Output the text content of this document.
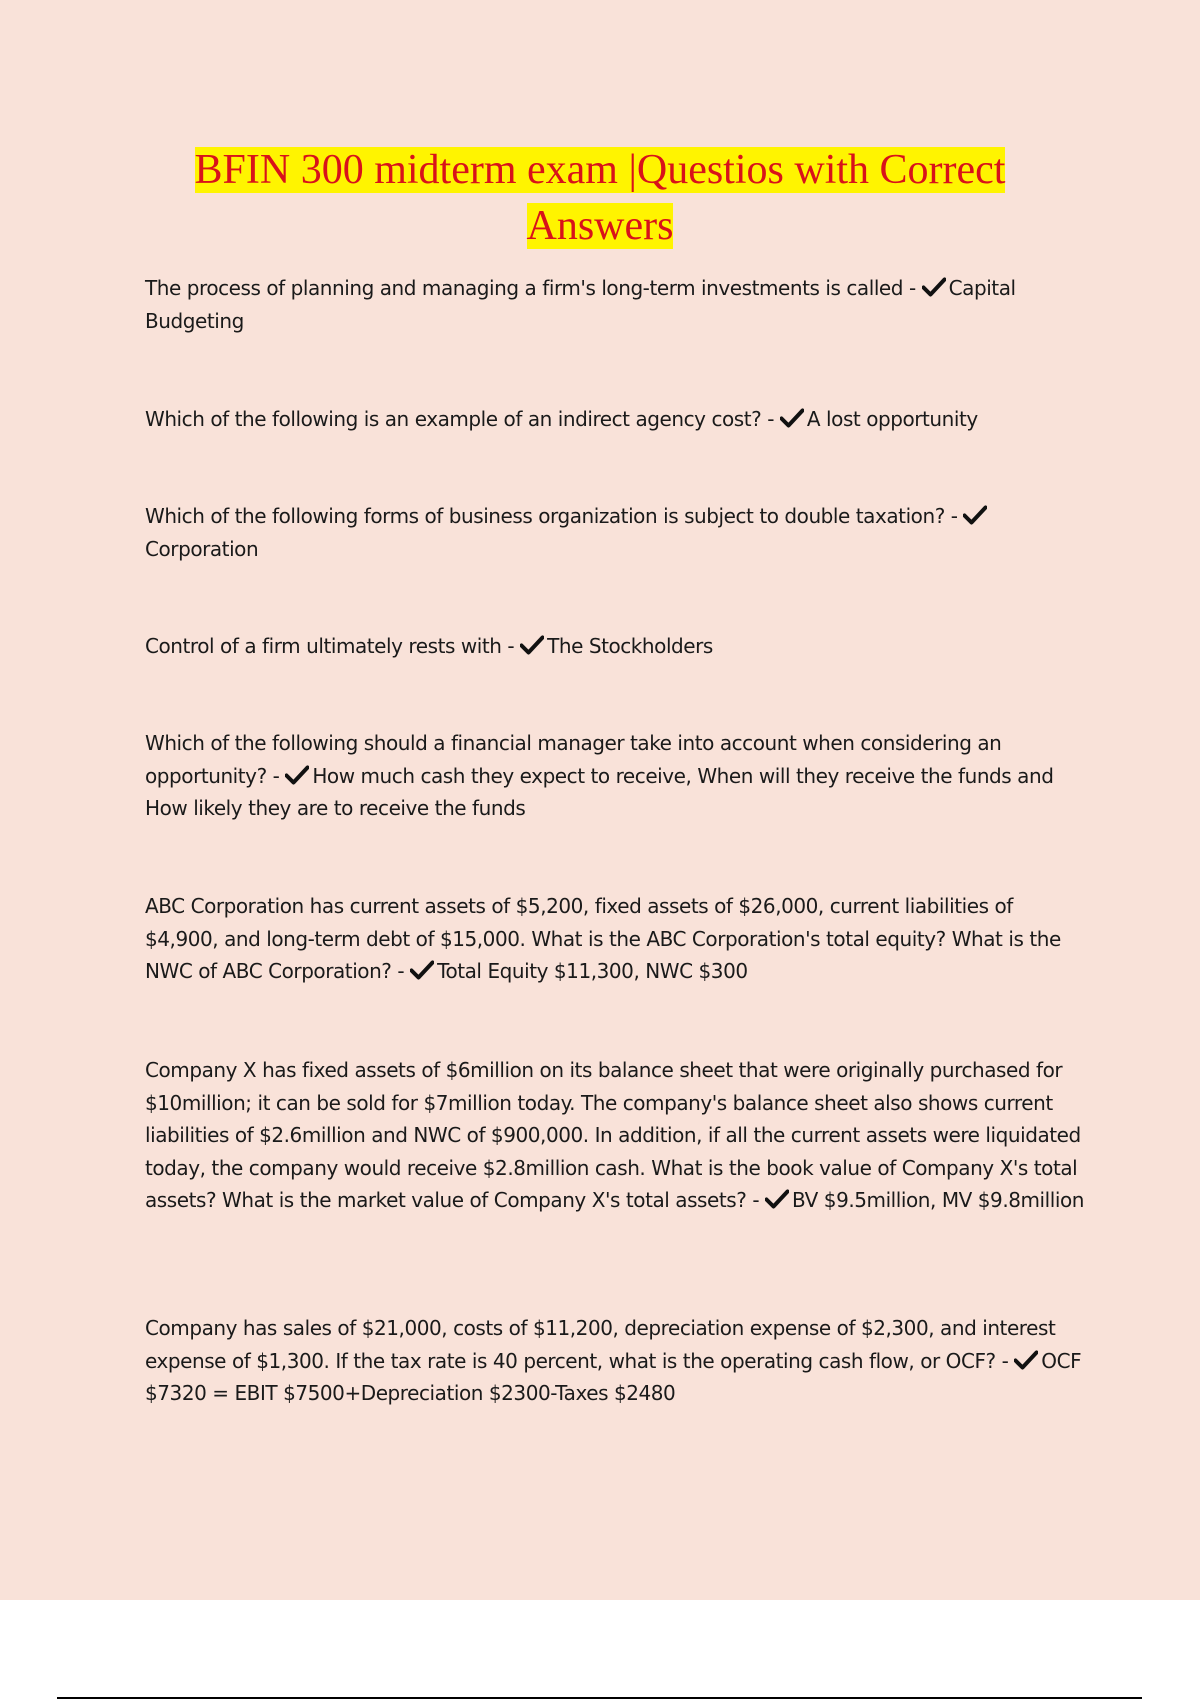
BFIN 300 midterm exam |Questios with Correct
Answers
The process of planning and managing a firm's long-term investments is called -
Capital Budgeting
Which of the following is an example of an indirect agency cost? -
A lost opportunity
Which of the following forms of business organization is subject to double taxation? -
Corporation
Control of a firm ultimately rests with -
The Stockholders
Which of the following should a financial manager take into account when considering an opportunity? -
How much cash they expect to receive, When will they receive the funds and How likely they are to receive the funds
ABC Corporation has current assets of $5,200, fixed assets of $26,000, current liabilities of $4,900, and long-term debt of $15,000. What is the ABC Corporation's total equity? What is the NWC of ABC Corporation? -
Total Equity $11,300, NWC $300
Company X has fixed assets of $6million on its balance sheet that were originally purchased for $10million; it can be sold for $7million today. The company's balance sheet also shows current liabilities of $2.6million and NWC of $900,000. In addition, if all the current assets were liquidated today, the company would receive $2.8million cash. What is the book value of Company X's total assets? What is the market value of Company X's total assets? -
BV $9.5million, MV $9.8million
Company has sales of $21,000, costs of $11,200, depreciation expense of $2,300, and interest expense of $1,300. If the tax rate is 40 percent, what is the operating cash flow, or OCF? -
OCF $7320 = EBIT $7500+Depreciation $2300-Taxes $2480
